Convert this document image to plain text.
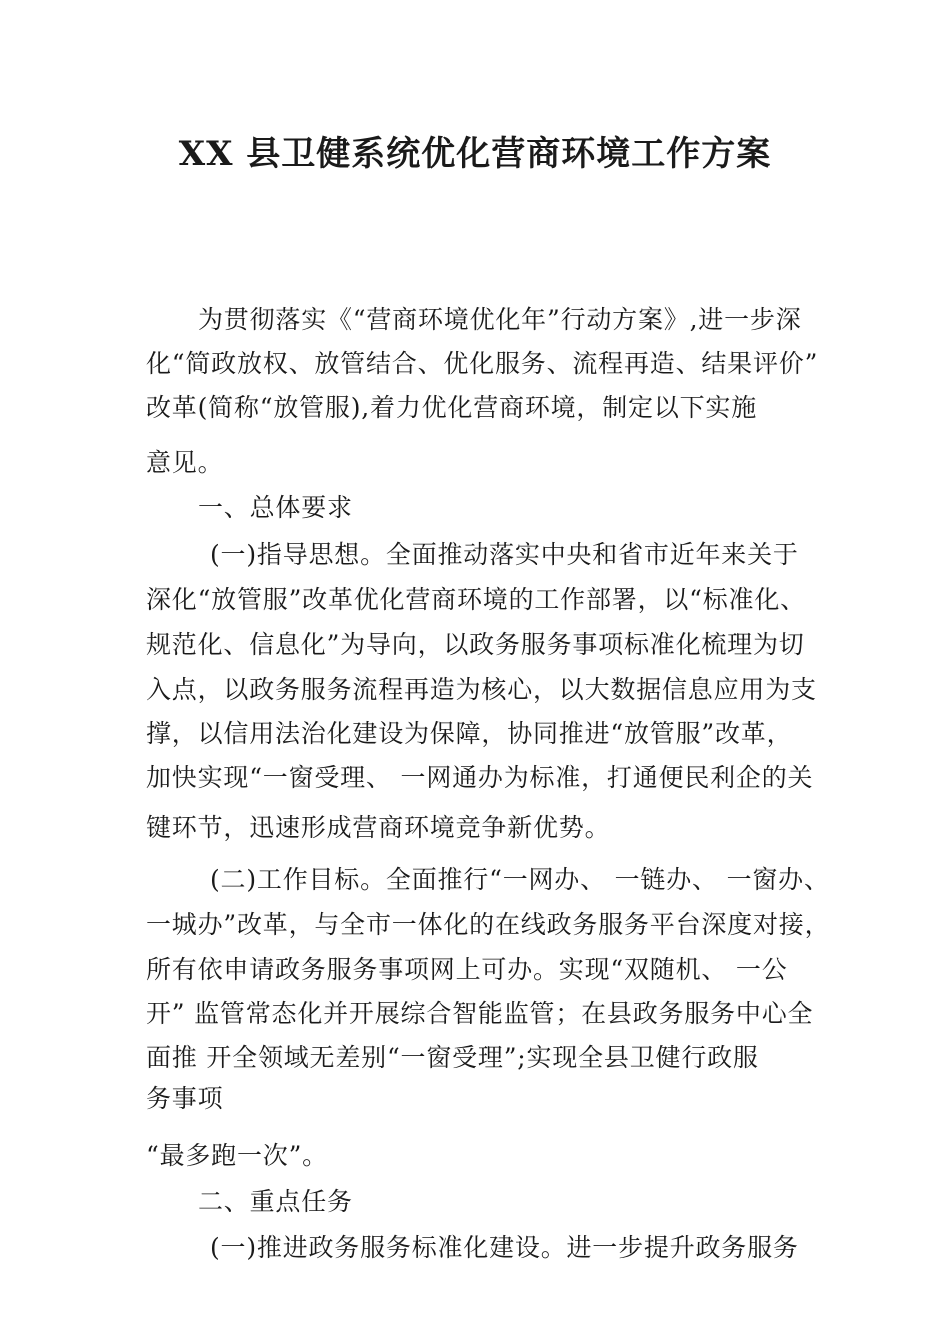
XX 县卫健系统优化营商环境工作方案
为贯彻落实《“营商环境优化年”行动方案》,进一步深
化“简政放权、放管结合、优化服务、流程再造、结果评价”
改革(简称“放管服),着力优化营商环境，制定以下实施
意见。
一、总体要求
(一)指导思想。全面推动落实中央和省市近年来关于
深化“放管服”改革优化营商环境的工作部署，以“标准化、
规范化、信息化”为导向，以政务服务事项标准化梳理为切
入点，以政务服务流程再造为核心，以大数据信息应用为支
撑，以信用法治化建设为保障，协同推进“放管服”改革，
加快实现“一窗受理、 一网通办为标准，打通便民利企的关
键环节，迅速形成营商环境竞争新优势。
(二)工作目标。全面推行“一网办、 一链办、 一窗办、
一城办”改革，与全市一体化的在线政务服务平台深度对接，
所有依申请政务服务事项网上可办。实现“双随机、 一公
开” 监管常态化并开展综合智能监管；在县政务服务中心全
面推 开全领域无差别“一窗受理”;实现全县卫健行政服
务事项
“最多跑一次”。
二、重点任务
(一)推进政务服务标准化建设。进一步提升政务服务
